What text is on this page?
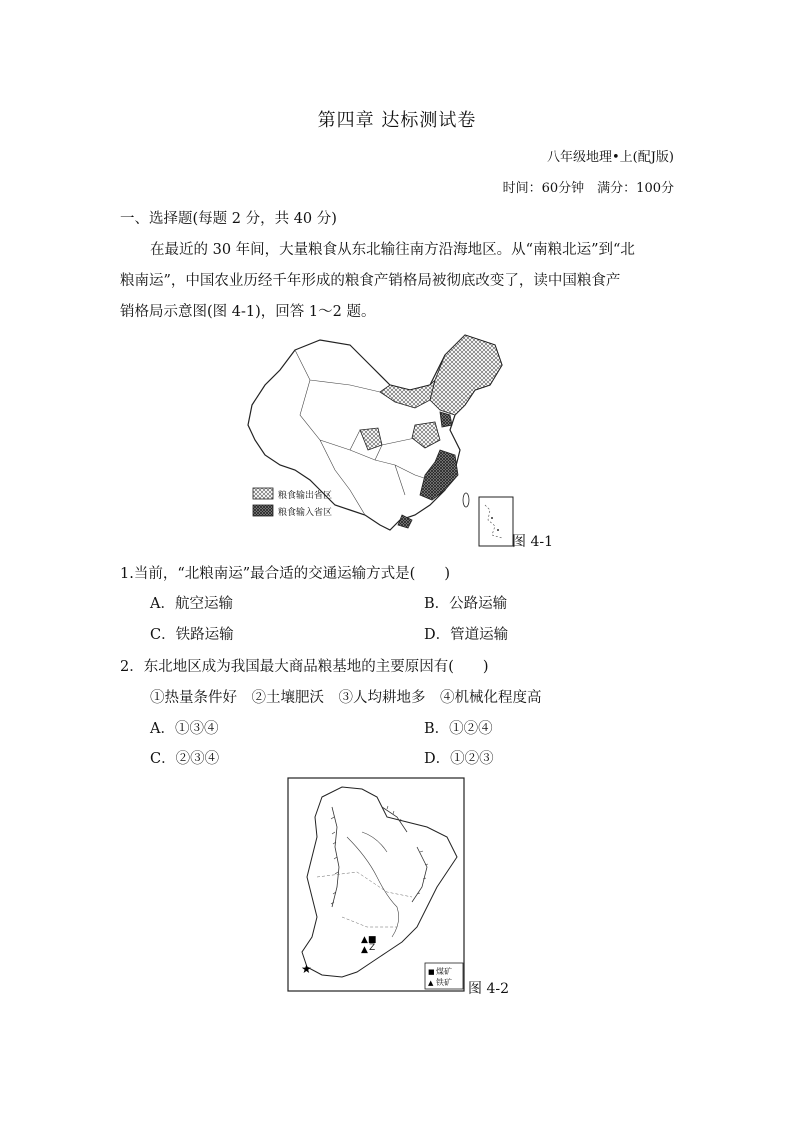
第四章 达标测试卷
八年级地理•上(配J版)
时间：60分钟　满分：100分
一、选择题(每题 2 分，共 40 分)
在最近的 30 年间，大量粮食从东北输往南方沿海地区。从“南粮北运”到“北
粮南运”，中国农业历经千年形成的粮食产销格局被彻底改变了，读中国粮食产
销格局示意图(图 4-1)，回答 1～2 题。
粮食输出省区
粮食输入省区
图 4-1
1.当前，“北粮南运”最合适的交通运输方式是(　　)
A．航空运输	B．公路运输
C．铁路运输	D．管道运输
2．东北地区成为我国最大商品粮基地的主要原因有(　　)
①热量条件好　②土壤肥沃　③人均耕地多　④机械化程度高
A．①③④	B．①②④
C．②③④	D．①②③
▲■
▲
★	■
▲
Z
煤矿
铁矿 图 4-2
